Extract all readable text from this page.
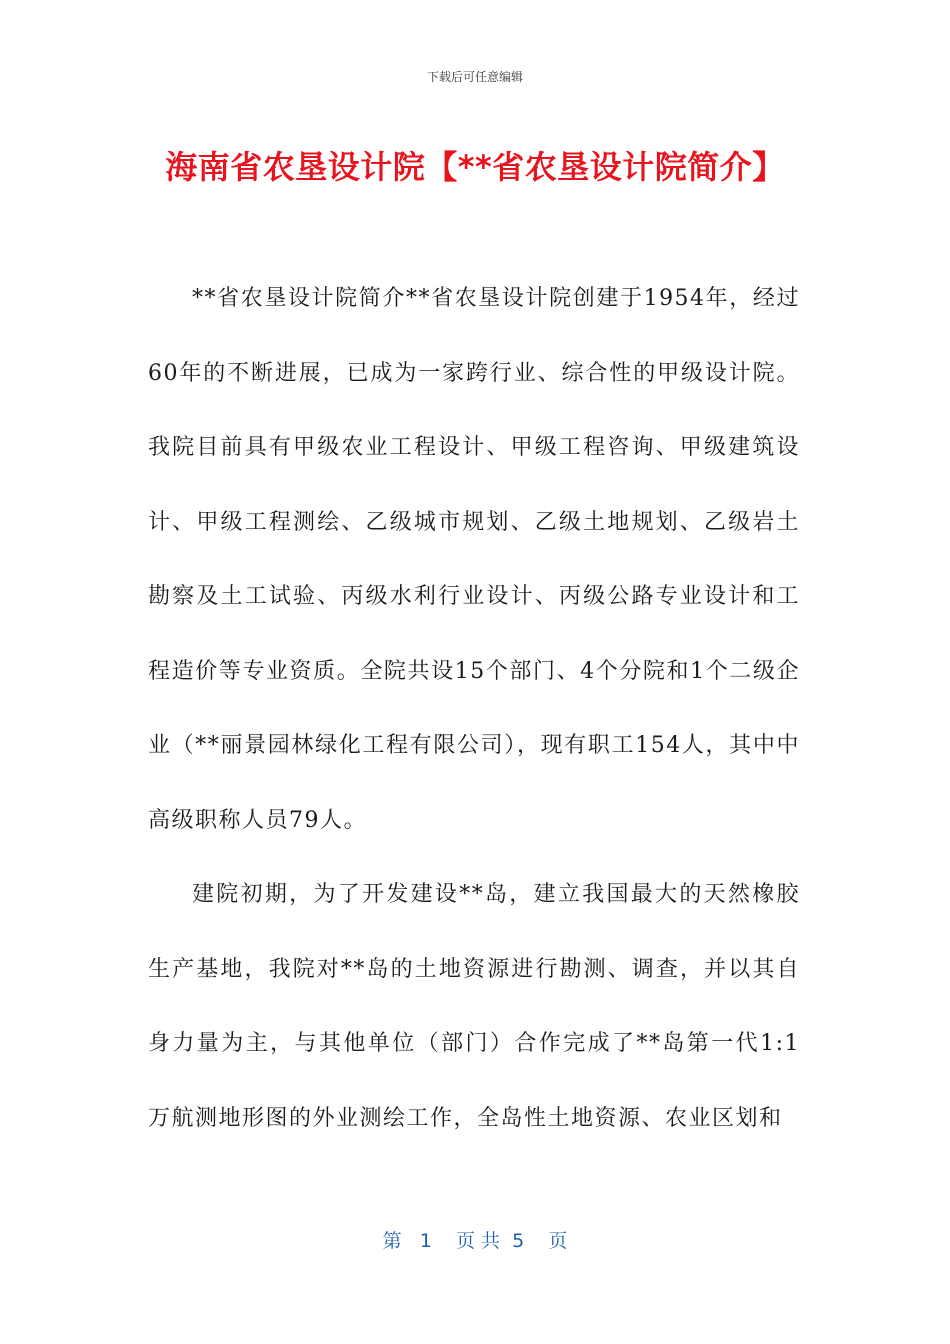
下载后可任意编辑
海南省农垦设计院【**省农垦设计院简介】

**省农垦设计院简介**省农垦设计院创建于1954年，经过60年的不断进展，已成为一家跨行业、综合性的甲级设计院。我院目前具有甲级农业工程设计、甲级工程咨询、甲级建筑设计、甲级工程测绘、乙级城市规划、乙级土地规划、乙级岩土勘察及土工试验、丙级水利行业设计、丙级公路专业设计和工程造价等专业资质。全院共设15个部门、4个分院和1个二级企业（**丽景园林绿化工程有限公司），现有职工154人，其中中高级职称人员79人。

建院初期，为了开发建设**岛，建立我国最大的天然橡胶生产基地，我院对**岛的土地资源进行勘测、调查，并以其自身力量为主，与其他单位（部门）合作完成了**岛第一代1:1万航测地形图的外业测绘工作，全岛性土地资源、农业区划和

第   1    页 共  5    页
